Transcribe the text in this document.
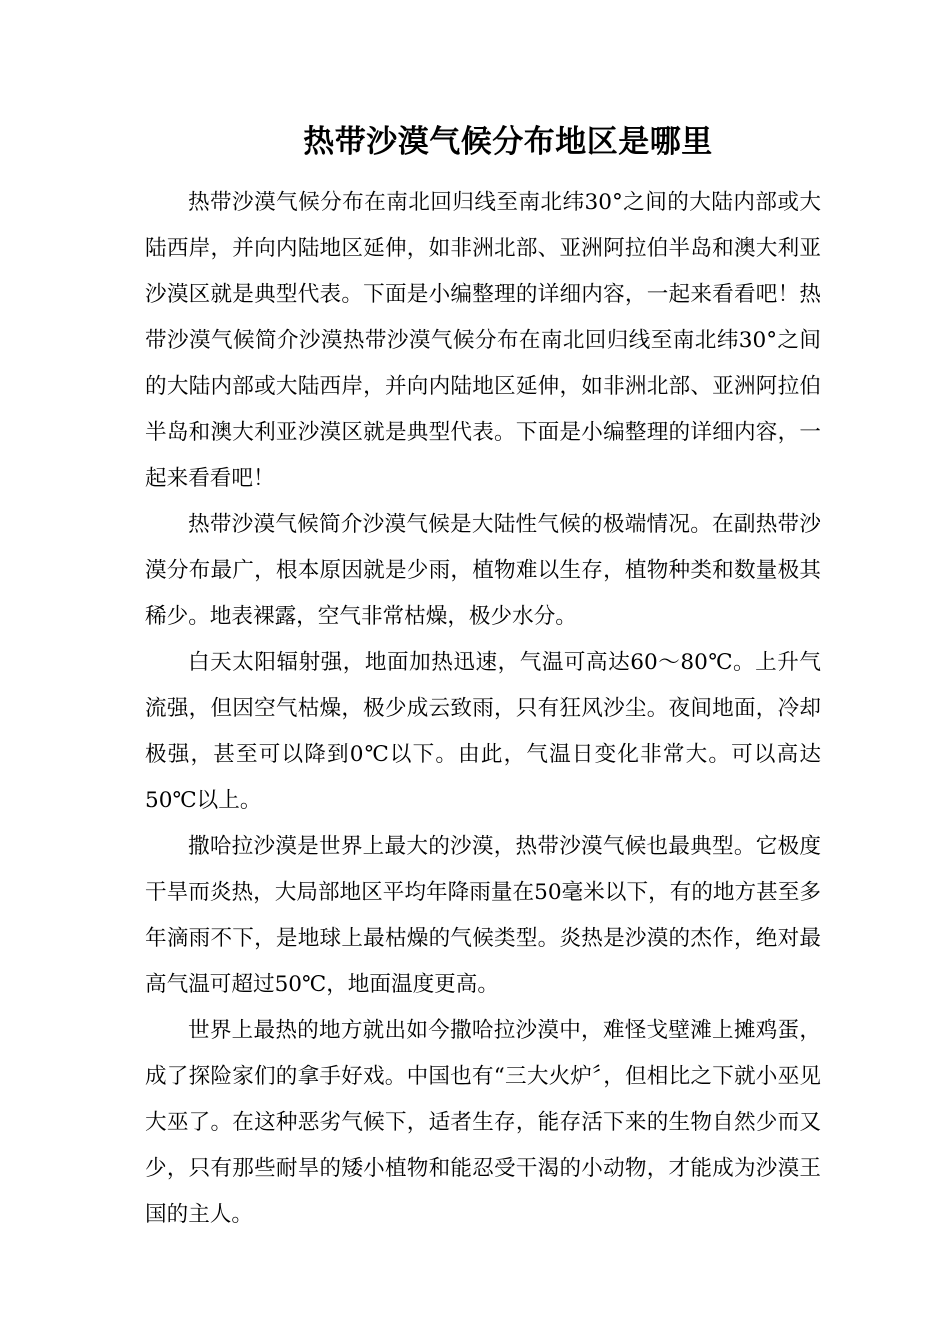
热带沙漠气候分布地区是哪里

热带沙漠气候分布在南北回归线至南北纬30°之间的大陆内部或大陆西岸，并向内陆地区延伸，如非洲北部、亚洲阿拉伯半岛和澳大利亚沙漠区就是典型代表。下面是小编整理的详细内容，一起来看看吧！热带沙漠气候简介沙漠热带沙漠气候分布在南北回归线至南北纬30°之间的大陆内部或大陆西岸，并向内陆地区延伸，如非洲北部、亚洲阿拉伯半岛和澳大利亚沙漠区就是典型代表。下面是小编整理的详细内容，一起来看看吧！

热带沙漠气候简介沙漠气候是大陆性气候的极端情况。在副热带沙漠分布最广，根本原因就是少雨，植物难以生存，植物种类和数量极其稀少。地表裸露，空气非常枯燥，极少水分。

白天太阳辐射强，地面加热迅速，气温可高达60～80℃。上升气流强，但因空气枯燥，极少成云致雨，只有狂风沙尘。夜间地面，冷却极强，甚至可以降到0℃以下。由此，气温日变化非常大。可以高达50℃以上。

撒哈拉沙漠是世界上最大的沙漠，热带沙漠气候也最典型。它极度干旱而炎热，大局部地区平均年降雨量在50毫米以下，有的地方甚至多年滴雨不下，是地球上最枯燥的气候类型。炎热是沙漠的杰作，绝对最高气温可超过50℃，地面温度更高。

世界上最热的地方就出如今撒哈拉沙漠中，难怪戈壁滩上摊鸡蛋，成了探险家们的拿手好戏。中国也有“三大火炉〞，但相比之下就小巫见大巫了。在这种恶劣气候下，适者生存，能存活下来的生物自然少而又少，只有那些耐旱的矮小植物和能忍受干渴的小动物，才能成为沙漠王国的主人。
